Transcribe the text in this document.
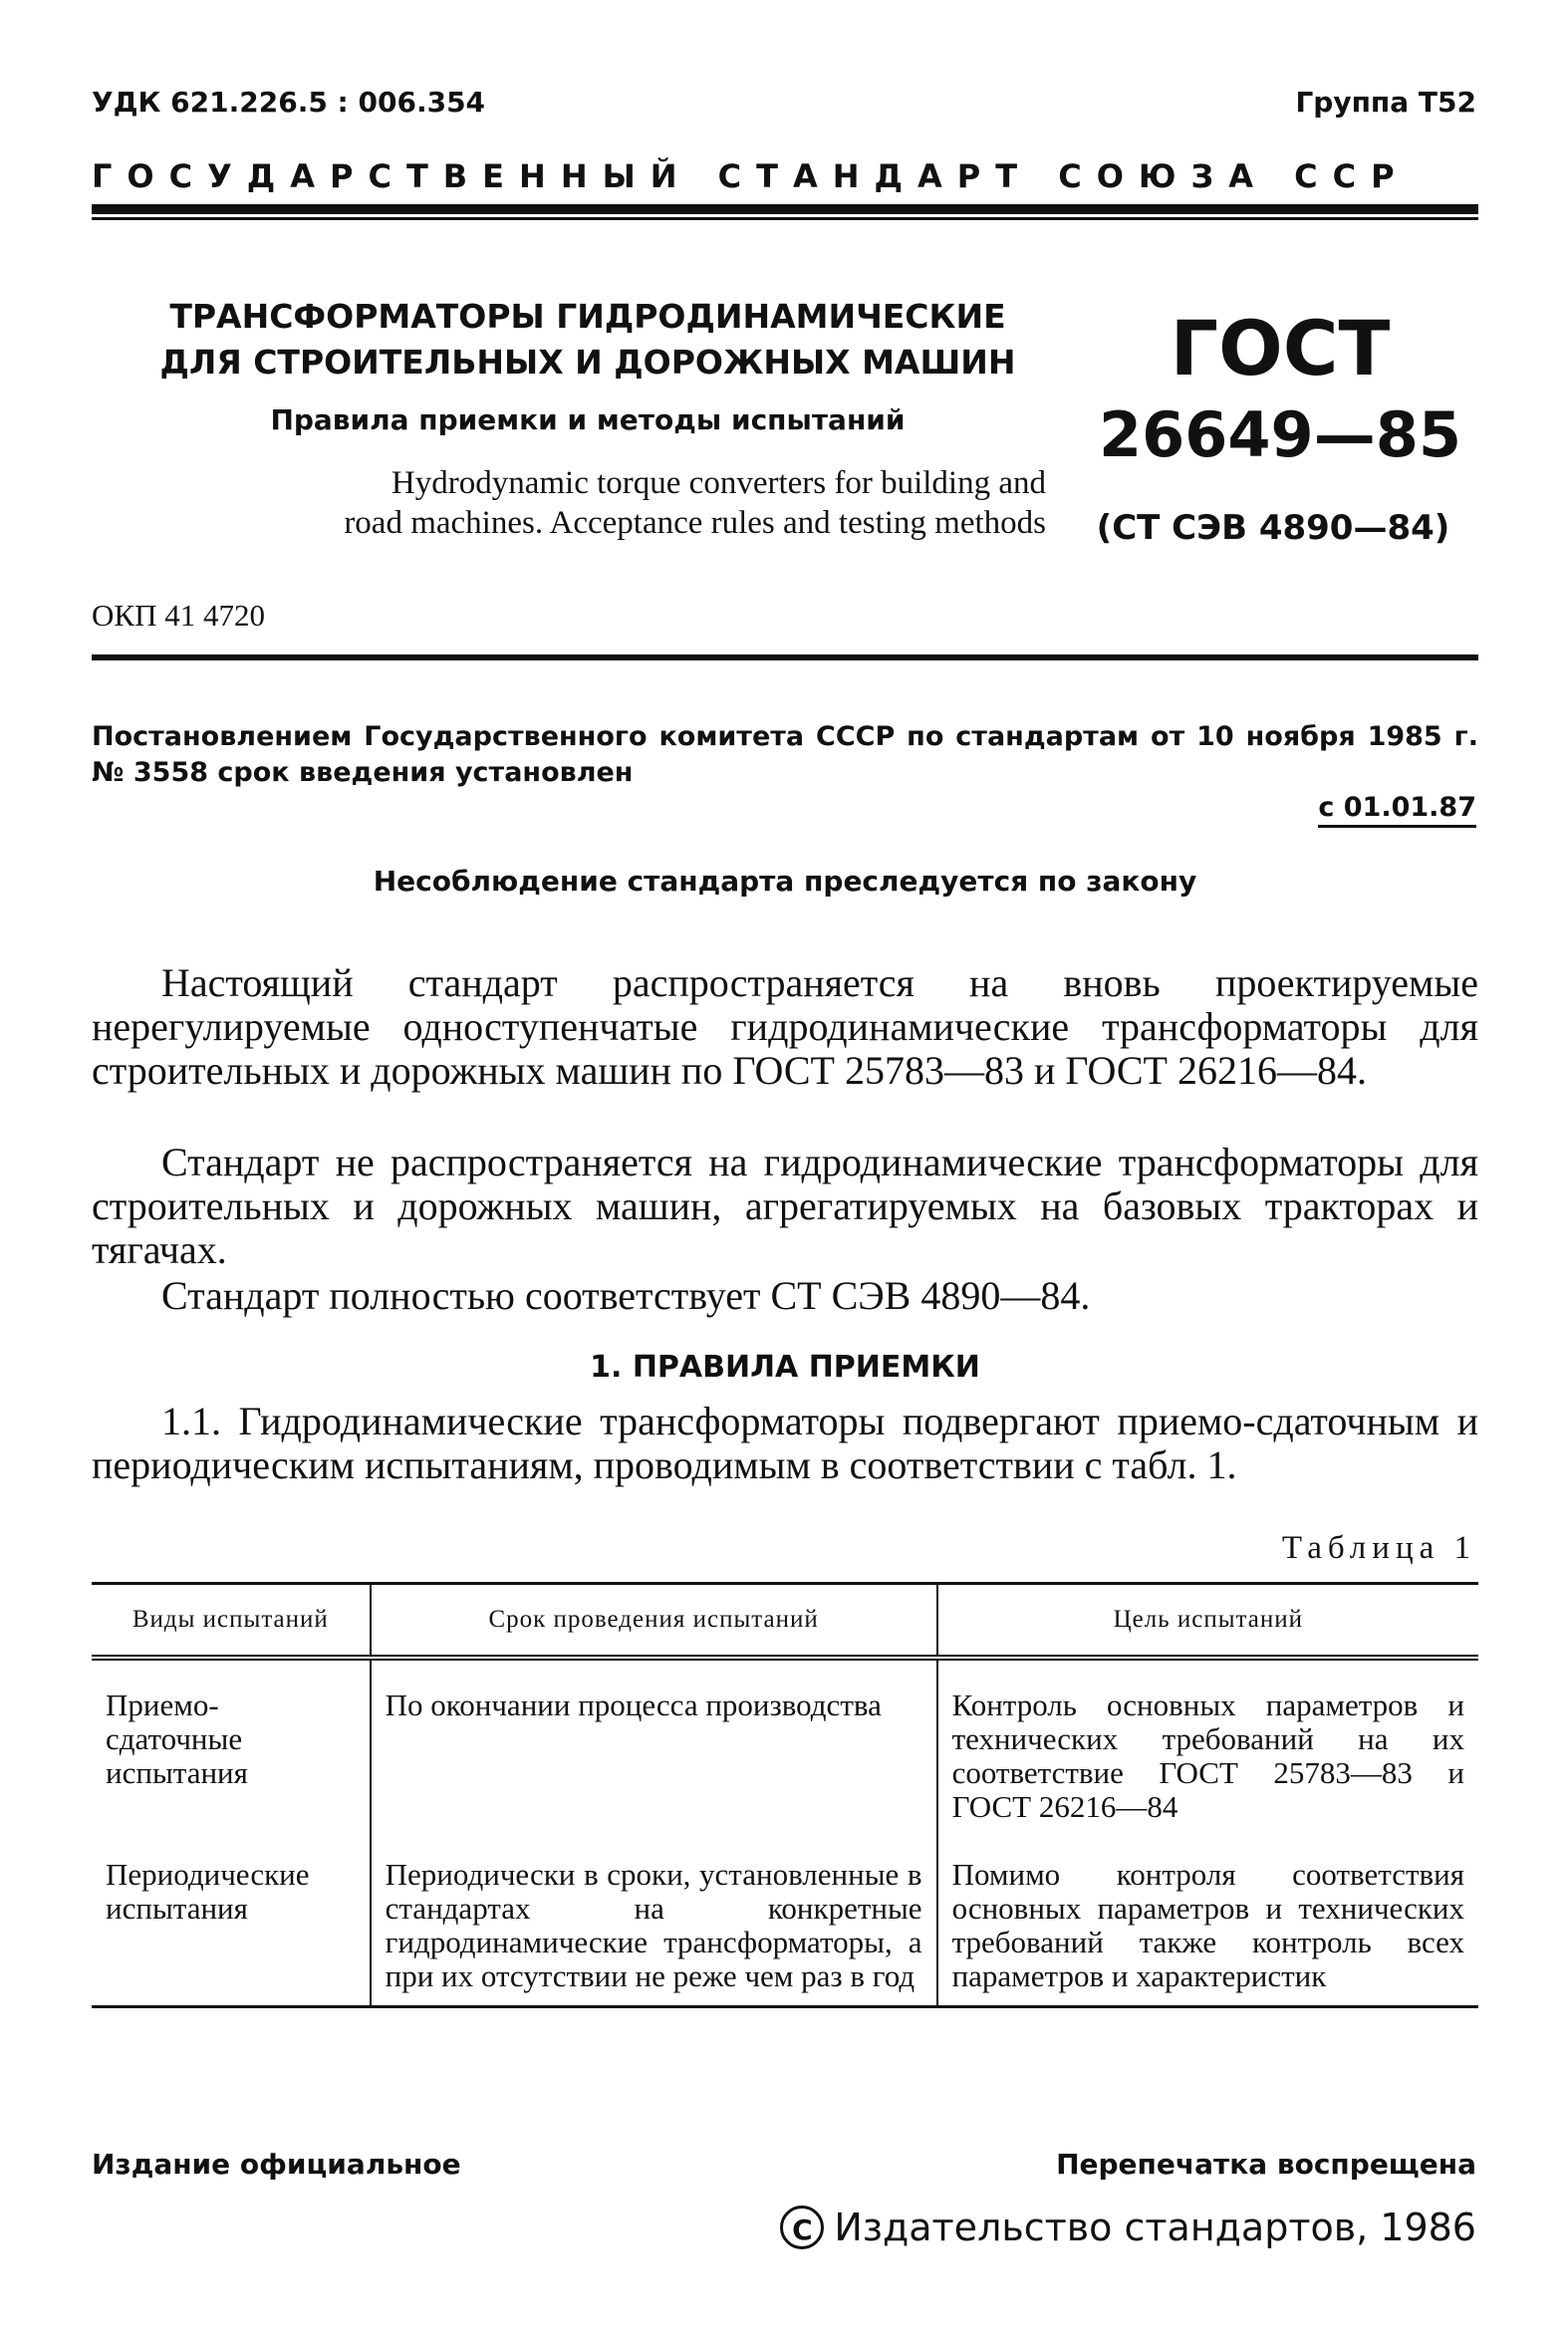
УДК 621.226.5 : 006.354	Группа Т52
ГОСУДАРСТВЕННЫЙ СТАНДАРТ СОЮЗА ССР
ТРАНСФОРМАТОРЫ ГИДРОДИНАМИЧЕСКИЕ
ДЛЯ СТРОИТЕЛЬНЫХ И ДОРОЖНЫХ МАШИН
Правила приемки и методы испытаний
Hydrodynamic torque converters for building and
road machines. Acceptance rules and testing methods
ГОСТ
26649—85
(СТ СЭВ 4890—84)
ОКП 41 4720
Постановлением Государственного комитета СССР по стандартам от 10 ноября 1985 г. № 3558 срок введения установлен
с 01.01.87
Несоблюдение стандарта преследуется по закону
Настоящий стандарт распространяется на вновь проектируемые нерегулируемые одноступенчатые гидродинамические трансформаторы для строительных и дорожных машин по ГОСТ 25783—83 и ГОСТ 26216—84.
Стандарт не распространяется на гидродинамические трансформаторы для строительных и дорожных машин, агрегатируемых на базовых тракторах и тягачах.
Стандарт полностью соответствует СТ СЭВ 4890—84.
1. ПРАВИЛА ПРИЕМКИ
1.1. Гидродинамические трансформаторы подвергают приемо-сдаточным и периодическим испытаниям, проводимым в соответствии с табл. 1.
Таблица 1
Виды испытаний	Срок проведения испытаний	Цель испытаний
Приемо-сдаточные испытания	По окончании процесса производства	Контроль основных параметров и технических требований на их соответствие ГОСТ 25783—83 и ГОСТ 26216—84
Периодические испытания	Периодически в сроки, установленные в стандартах на конкретные гидродинамические трансформаторы, а при их отсутствии не реже чем раз в год	Помимо контроля соответствия основных параметров и технических требований также контроль всех параметров и характеристик
Издание официальное	Перепечатка воспрещена
C Издательство стандартов, 1986
